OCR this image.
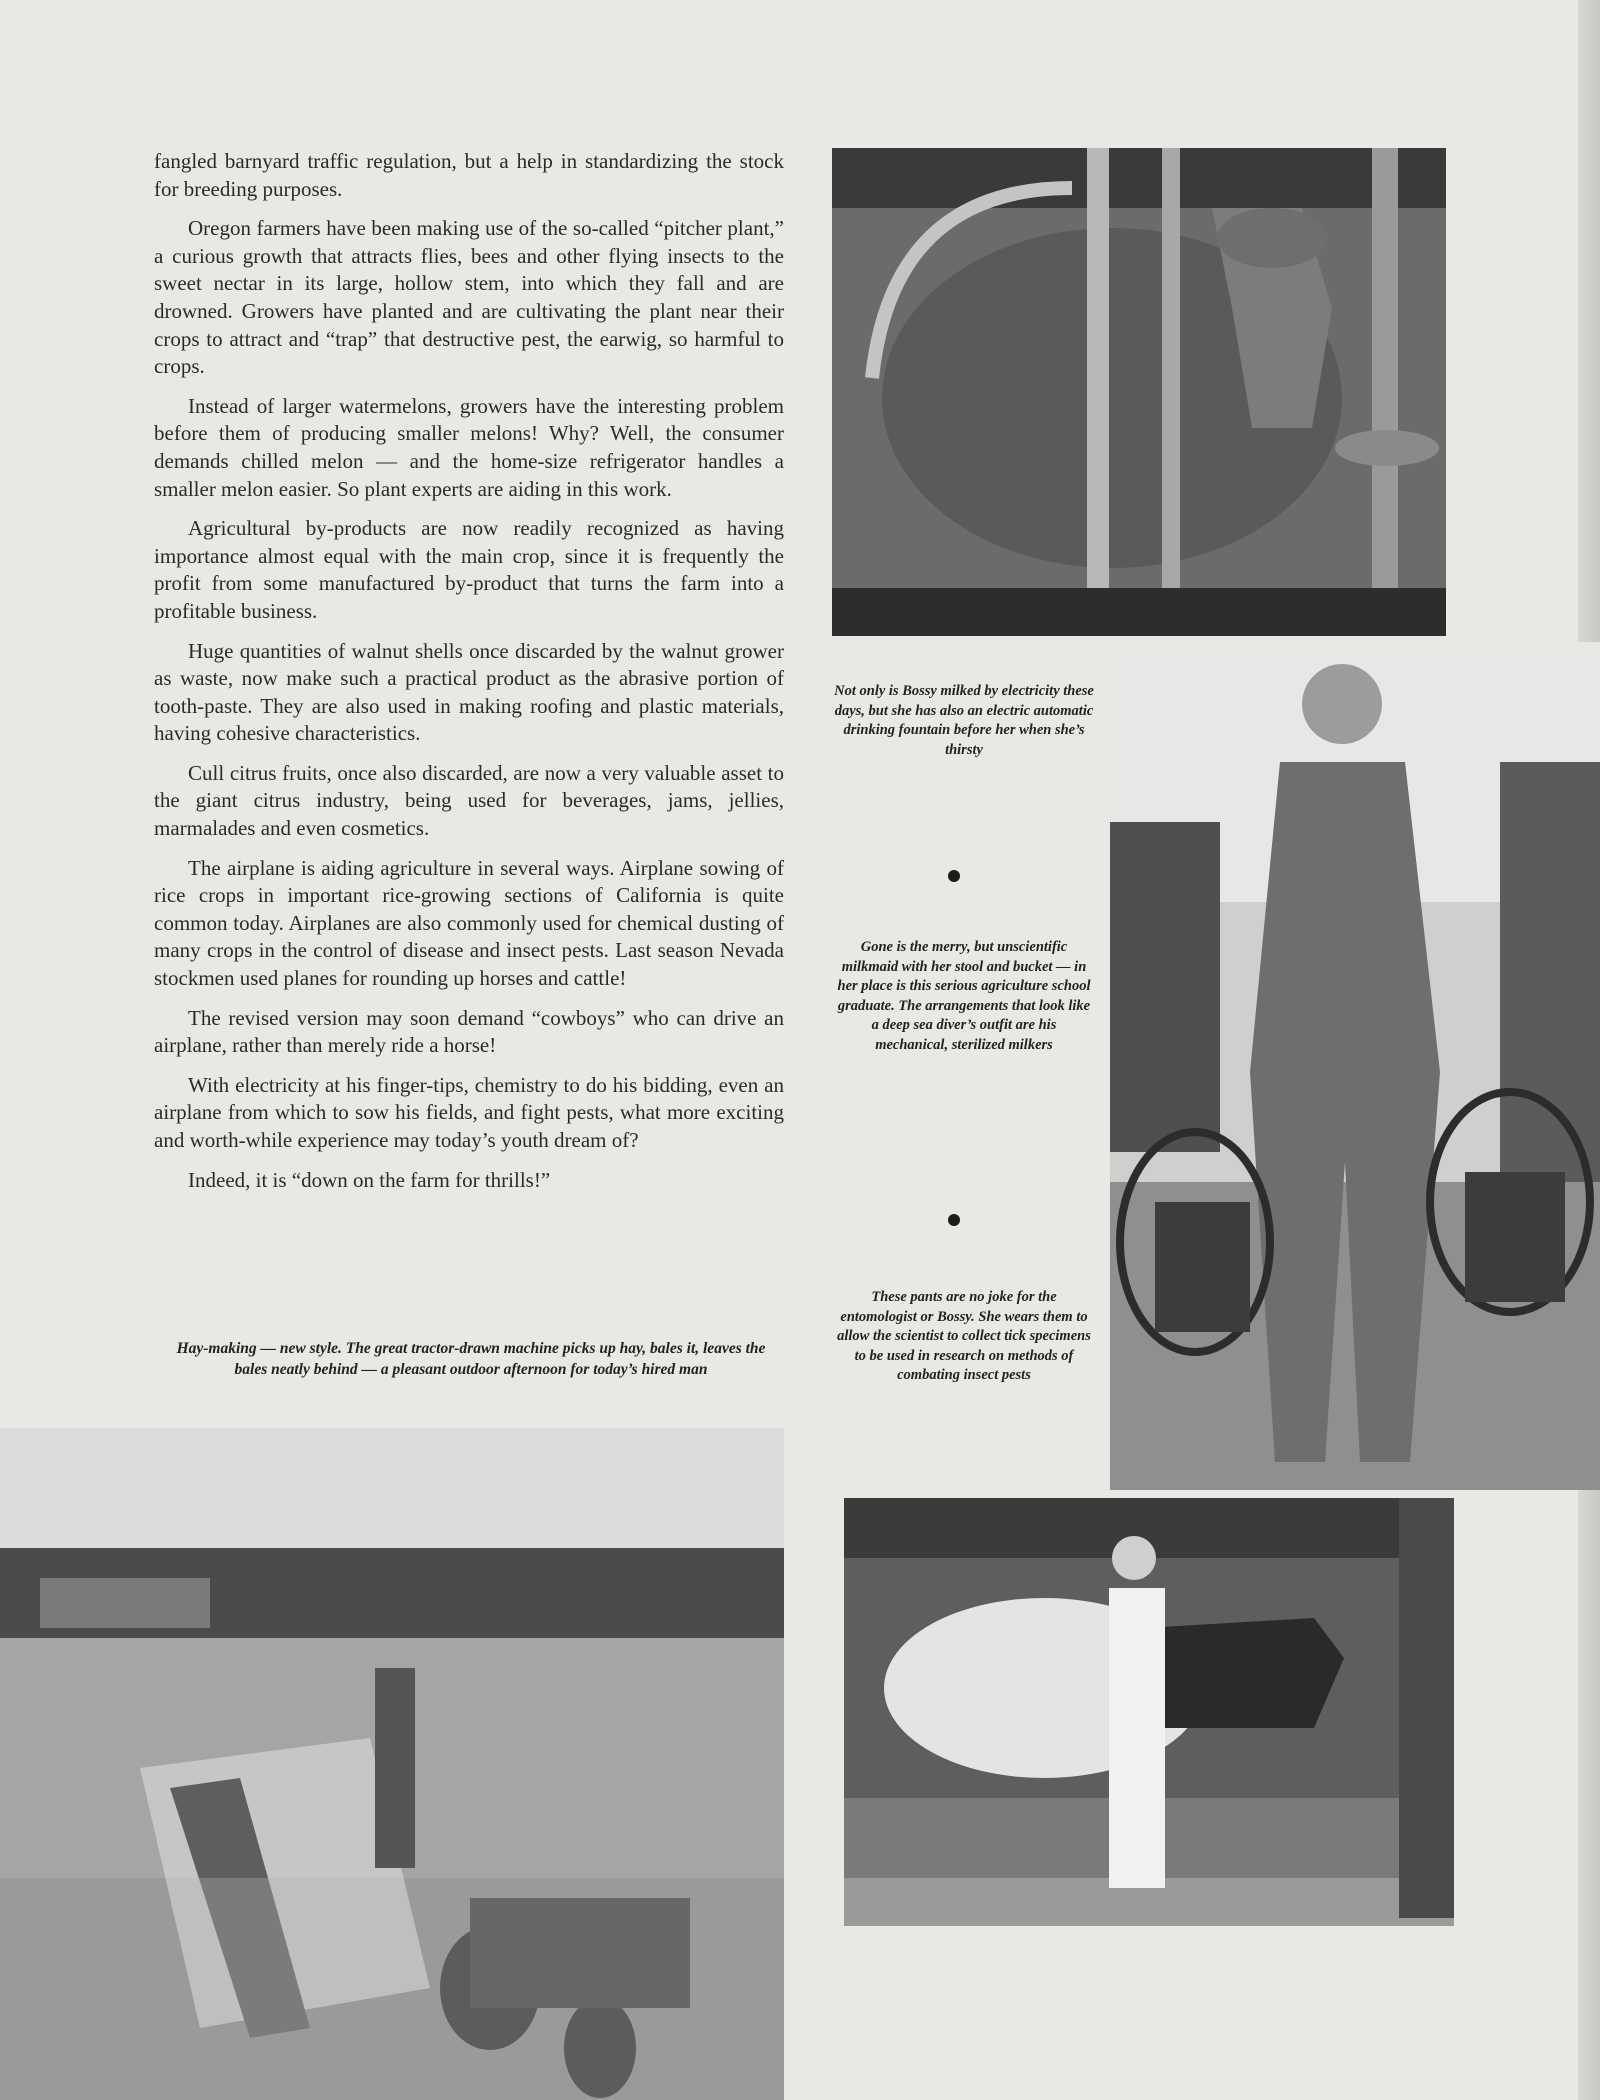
fangled barnyard traffic regulation, but a help in standardizing the stock for breeding purposes.

Oregon farmers have been making use of the so-called “pitcher plant,” a curious growth that attracts flies, bees and other flying insects to the sweet nectar in its large, hollow stem, into which they fall and are drowned. Growers have planted and are cultivating the plant near their crops to attract and “trap” that destructive pest, the earwig, so harmful to crops.

Instead of larger watermelons, growers have the interesting problem before them of producing smaller melons! Why? Well, the consumer demands chilled melon — and the home-size refrigerator handles a smaller melon easier. So plant experts are aiding in this work.

Agricultural by-products are now readily recognized as having importance almost equal with the main crop, since it is frequently the profit from some manufactured by-product that turns the farm into a profitable business.

Huge quantities of walnut shells once discarded by the walnut grower as waste, now make such a practical product as the abrasive portion of tooth-paste. They are also used in making roofing and plastic materials, having cohesive characteristics.

Cull citrus fruits, once also discarded, are now a very valuable asset to the giant citrus industry, being used for beverages, jams, jellies, marmalades and even cosmetics.

The airplane is aiding agriculture in several ways. Airplane sowing of rice crops in important rice-growing sections of California is quite common today. Airplanes are also commonly used for chemical dusting of many crops in the control of disease and insect pests. Last season Nevada stockmen used planes for rounding up horses and cattle!

The revised version may soon demand “cowboys” who can drive an airplane, rather than merely ride a horse!

With electricity at his finger-tips, chemistry to do his bidding, even an airplane from which to sow his fields, and fight pests, what more exciting and worth-while experience may today’s youth dream of?

Indeed, it is “down on the farm for thrills!”

Hay-making — new style. The great tractor-drawn machine picks up hay, bales it, leaves the bales neatly behind — a pleasant outdoor afternoon for today’s hired man
Not only is Bossy milked by electricity these days, but she has also an electric automatic drinking fountain before her when she’s thirsty
Gone is the merry, but unscientific milkmaid with her stool and bucket — in her place is this serious agriculture school graduate. The arrangements that look like a deep sea diver’s outfit are his mechanical, sterilized milkers
These pants are no joke for the entomologist or Bossy. She wears them to allow the scientist to collect tick specimens to be used in research on methods of combating insect pests
